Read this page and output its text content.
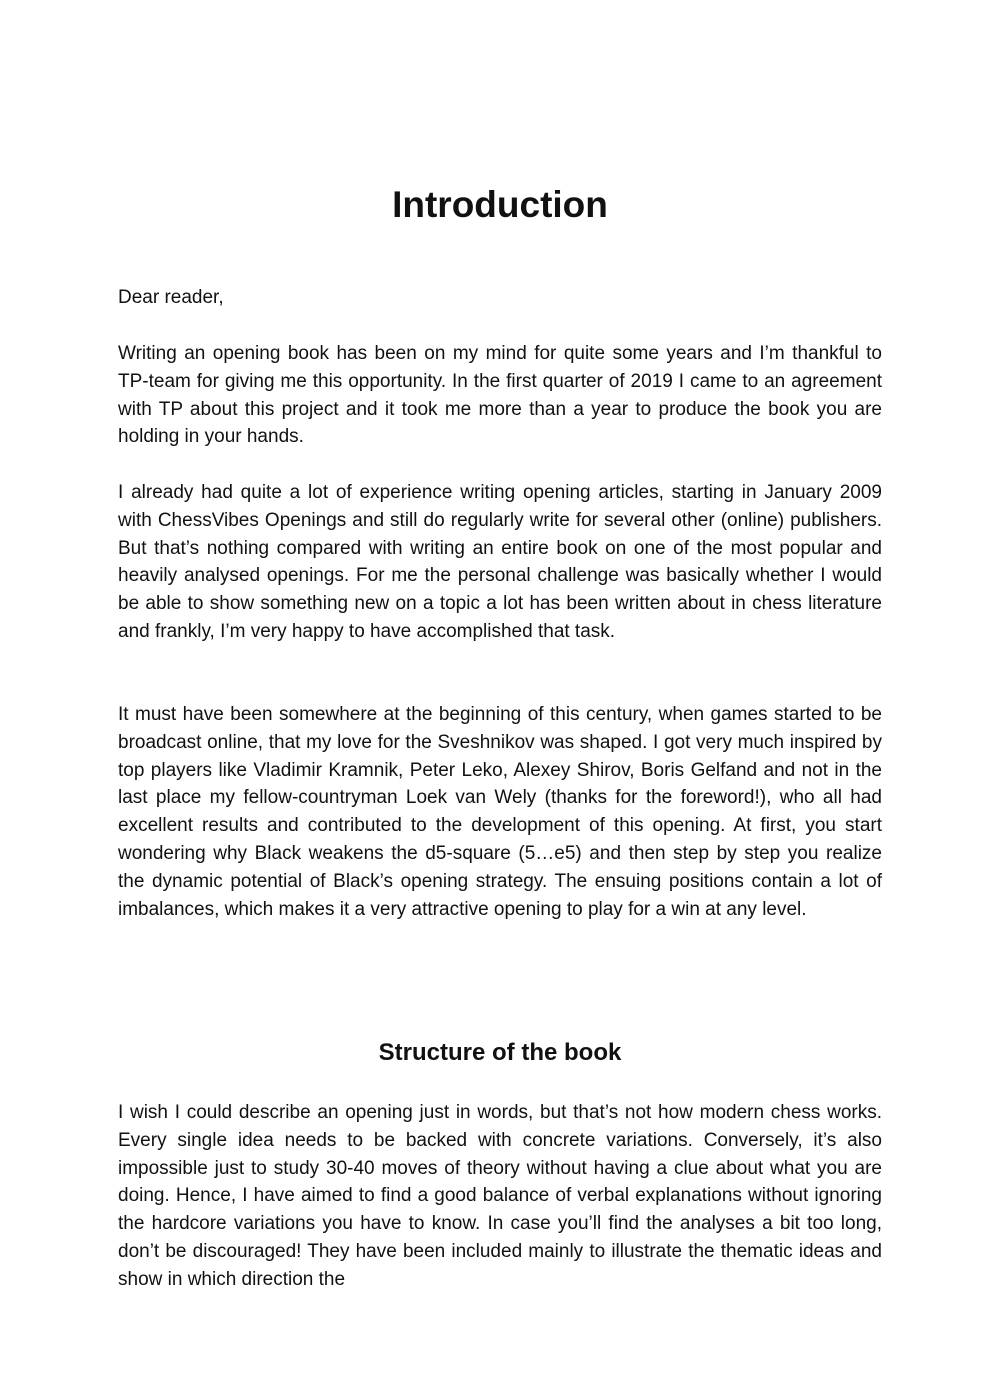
Introduction

Dear reader,

Writing an opening book has been on my mind for quite some years and I’m thankful to TP-team for giving me this opportunity. In the first quarter of 2019 I came to an agreement with TP about this project and it took me more than a year to produce the book you are holding in your hands.

I already had quite a lot of experience writing opening articles, starting in January 2009 with ChessVibes Openings and still do regularly write for several other (online) publishers. But that’s nothing compared with writing an entire book on one of the most popular and heavily analysed openings. For me the personal challenge was basically whether I would be able to show something new on a topic a lot has been written about in chess literature and frankly, I’m very happy to have accomplished that task.

It must have been somewhere at the beginning of this century, when games started to be broadcast online, that my love for the Sveshnikov was shaped. I got very much inspired by top players like Vladimir Kramnik, Peter Leko, Alexey Shirov, Boris Gelfand and not in the last place my fellow-countryman Loek van Wely (thanks for the foreword!), who all had excellent results and contributed to the development of this opening. At first, you start wondering why Black weakens the d5-square (5…e5) and then step by step you realize the dynamic potential of Black’s opening strategy. The ensuing positions contain a lot of imbalances, which makes it a very attractive opening to play for a win at any level.

Structure of the book

I wish I could describe an opening just in words, but that’s not how modern chess works. Every single idea needs to be backed with concrete variations. Conversely, it’s also impossible just to study 30-40 moves of theory without having a clue about what you are doing. Hence, I have aimed to find a good balance of verbal explanations without ignoring the hardcore variations you have to know. In case you’ll find the analyses a bit too long, don’t be discouraged! They have been included mainly to illustrate the thematic ideas and show in which direction the
